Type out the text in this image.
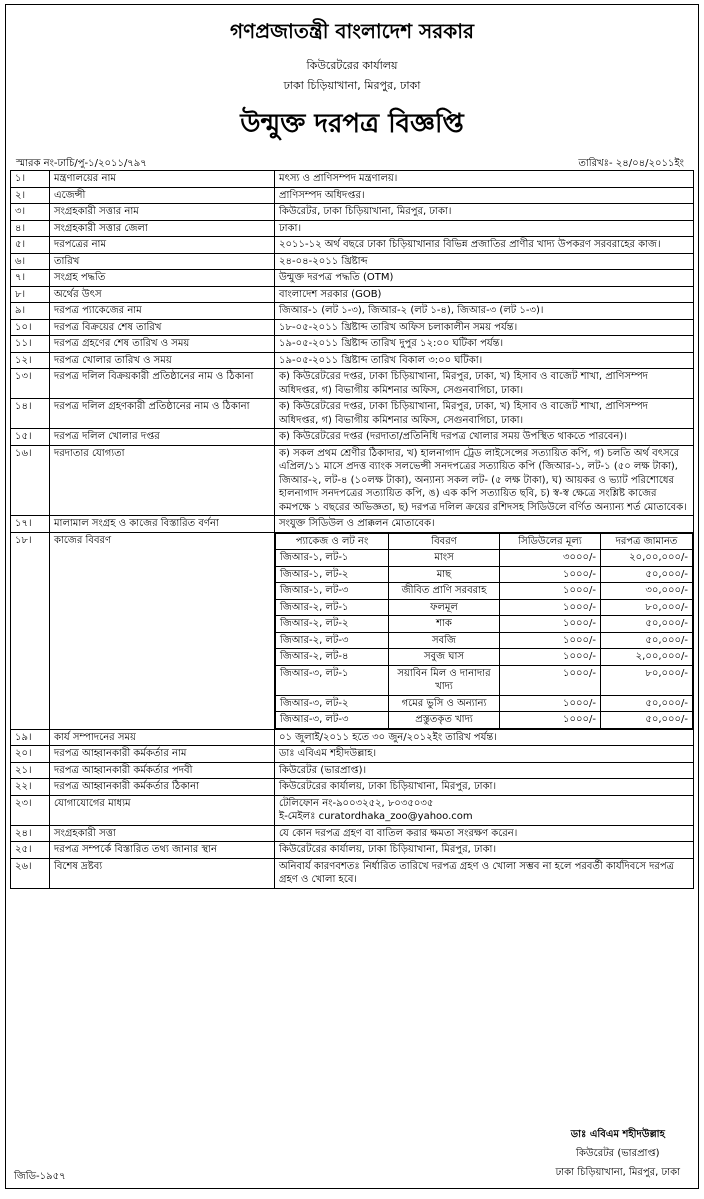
গণপ্রজাতন্ত্রী বাংলাদেশ সরকার
কিউরেটরের কার্যালয়
ঢাকা চিড়িয়াখানা, মিরপুর, ঢাকা
উন্মুক্ত দরপত্র বিজ্ঞপ্তি
স্মারক নং-ঢাচি/পু-১/২০১১/৭৯৭	তারিখঃ- ২৪/০৪/২০১১ইং
১।	মন্ত্রণালয়ের নাম	মৎস্য ও প্রাণিসম্পদ মন্ত্রণালয়।

২।	এজেন্সী	প্রাণিসম্পদ অধিদপ্তর।

৩।	সংগ্রহকারী সত্তার নাম	কিউরেটর, ঢাকা চিড়িয়াখানা, মিরপুর, ঢাকা।

৪।	সংগ্রহকারী সত্তার জেলা	ঢাকা।

৫।	দরপত্রের নাম	২০১১-১২ অর্থ বছরে ঢাকা চিড়িয়াখানার বিভিন্ন প্রজাতির প্রাণীর খাদ্য উপকরণ সরবরাহের কাজ।

৬।	তারিখ	২৪-০৪-২০১১ খ্রিষ্টাব্দ

৭।	সংগ্রহ পদ্ধতি	উন্মুক্ত দরপত্র পদ্ধতি (OTM)

৮।	অর্থের উৎস	বাংলাদেশ সরকার (GOB)

৯।	দরপত্র প্যাকেজের নাম	জিআর-১ (লট ১-৩), জিআর-২ (লট ১-৪), জিআর-৩ (লট ১-৩)।

১০।	দরপত্র বিক্রয়ের শেষ তারিখ	১৮-০৫-২০১১ খ্রিষ্টাব্দ তারিখ অফিস চলাকালীন সময় পর্যন্ত।

১১।	দরপত্র গ্রহণের শেষ তারিখ ও সময়	১৯-০৫-২০১১ খ্রিষ্টাব্দ তারিখ দুপুর ১২:০০ ঘটিকা পর্যন্ত।

১২।	দরপত্র খোলার তারিখ ও সময়	১৯-০৫-২০১১ খ্রিষ্টাব্দ তারিখ বিকাল ৩:০০ ঘটিকা।

১৩।	দরপত্র দলিল বিক্রয়কারী প্রতিষ্ঠানের নাম ও ঠিকানা	ক) কিউরেটরের দপ্তর, ঢাকা চিড়িয়াখানা, মিরপুর, ঢাকা, খ) হিসাব ও বাজেট শাখা, প্রাণিসম্পদ অধিদপ্তর, গ) বিভাগীয় কমিশনার অফিস, সেগুনবাগিচা, ঢাকা।

১৪।	দরপত্র দলিল গ্রহণকারী প্রতিষ্ঠানের নাম ও ঠিকানা	ক) কিউরেটরের দপ্তর, ঢাকা চিড়িয়াখানা, মিরপুর, ঢাকা, খ) হিসাব ও বাজেট শাখা, প্রাণিসম্পদ অধিদপ্তর, গ) বিভাগীয় কমিশনার অফিস, সেগুনবাগিচা, ঢাকা।

১৫।	দরপত্র দলিল খোলার দপ্তর	ক) কিউরেটরের দপ্তর (দরদাতা/প্রতিনিধি দরপত্র খোলার সময় উপস্থিত থাকতে পারবেন)।

১৬।	দরদাতার যোগ্যতা	ক) সকল প্রথম শ্রেণীর ঠিকাদার, খ) হালনাগাদ ট্রেড লাইসেন্সের সত্যায়িত কপি, গ) চলতি অর্থ বৎসরে এপ্রিল/১১ মাসে প্রদত্ত ব্যাংক সলভেন্সী সনদপত্রের সত্যায়িত কপি (জিআর-১, লট-১ (৫০ লক্ষ টাকা), জিআর-২, লট-৪ (১০লক্ষ টাকা), অন্যান্য সকল লট- (৫ লক্ষ টাকা), ঘ) আয়কর ও ভ্যাট পরিশোধের হালনাগাদ সনদপত্রের সত্যায়িত কপি, ঙ) এক কপি সত্যায়িত ছবি, চ) স্ব-স্ব ক্ষেত্রে সংশ্লিষ্ট কাজের কমপক্ষে ১ বছরের অভিজ্ঞতা, ছ) দরপত্র দলিল ক্রয়ের রশিদসহ সিডিউলে বর্ণিত অন্যান্য শর্ত মোতাবেক।

১৭।	মালামাল সংগ্রহ ও কাজের বিস্তারিত বর্ণনা	সংযুক্ত সিডিউল ও প্রাক্কলন মোতাবেক।

১৮।	কাজের বিবরণ		প্যাকেজ ও লট নং	বিবরণ	সিডিউলের মূল্য	দরপত্র জামানত
জিআর-১, লট-১	মাংস	৩০০০/-	২০,০০,০০০/-
জিআর-১, লট-২	মাছ	১০০০/-	৫০,০০০/-
জিআর-১, লট-৩	জীবিত প্রাণি সরবরাহ	১০০০/-	৩০,০০০/-
জিআর-২, লট-১	ফলমূল	১০০০/-	৮০,০০০/-
জিআর-২, লট-২	শাক	১০০০/-	৫০,০০০/-
জিআর-২, লট-৩	সবজি	১০০০/-	৫০,০০০/-
জিআর-২, লট-৪	সবুজ ঘাস	১০০০/-	২,০০,০০০/-
জিআর-৩, লট-১	সয়াবিন মিল ও দানাদার খাদ্য	১০০০/-	৮০,০০০/-
জিআর-৩, লট-২	গমের ভুসি ও অন্যান্য	১০০০/-	৫০,০০০/-
জিআর-৩, লট-৩	প্রস্তুতকৃত খাদ্য	১০০০/-	৫০,০০০/-

১৯।	কার্য সম্পাদনের সময়	০১ জুলাই/২০১১ হতে ৩০ জুন/২০১২ইং তারিখ পর্যন্ত।

২০।	দরপত্র আহ্বানকারী কর্মকর্তার নাম	ডাঃ এবিএম শহীদউল্লাহ।

২১।	দরপত্র আহ্বানকারী কর্মকর্তার পদবী	কিউরেটর (ভারপ্রাপ্ত)।

২২।	দরপত্র আহ্বানকারী কর্মকর্তার ঠিকানা	কিউরেটরের কার্যালয়, ঢাকা চিড়িয়াখানা, মিরপুর, ঢাকা।

২৩।	যোগাযোগের মাধ্যম	টেলিফোন নং-৯০০৩২৫২, ৮০৩৫০৩৫
ই-মেইলঃ curatordhaka_zoo@yahoo.com

২৪।	সংগ্রহকারী সত্তা	যে কোন দরপত্র গ্রহণ বা বাতিল করার ক্ষমতা সংরক্ষণ করেন।

২৫।	দরপত্র সম্পর্কে বিস্তারিত তথ্য জানার স্থান	কিউরেটরের কার্যালয়, ঢাকা চিড়িয়াখানা, মিরপুর, ঢাকা।

২৬।	বিশেষ দ্রষ্টব্য	অনিবার্য কারণবশতঃ নির্ধারিত তারিখে দরপত্র গ্রহণ ও খোলা সম্ভব না হলে পরবর্তী কার্যদিবসে দরপত্র গ্রহণ ও খোলা হবে।
ডাঃ এবিএম শহীদউল্লাহ
কিউরেটর (ভারপ্রাপ্ত)
ঢাকা চিড়িয়াখানা, মিরপুর, ঢাকা
জিডি-১৯৫৭
